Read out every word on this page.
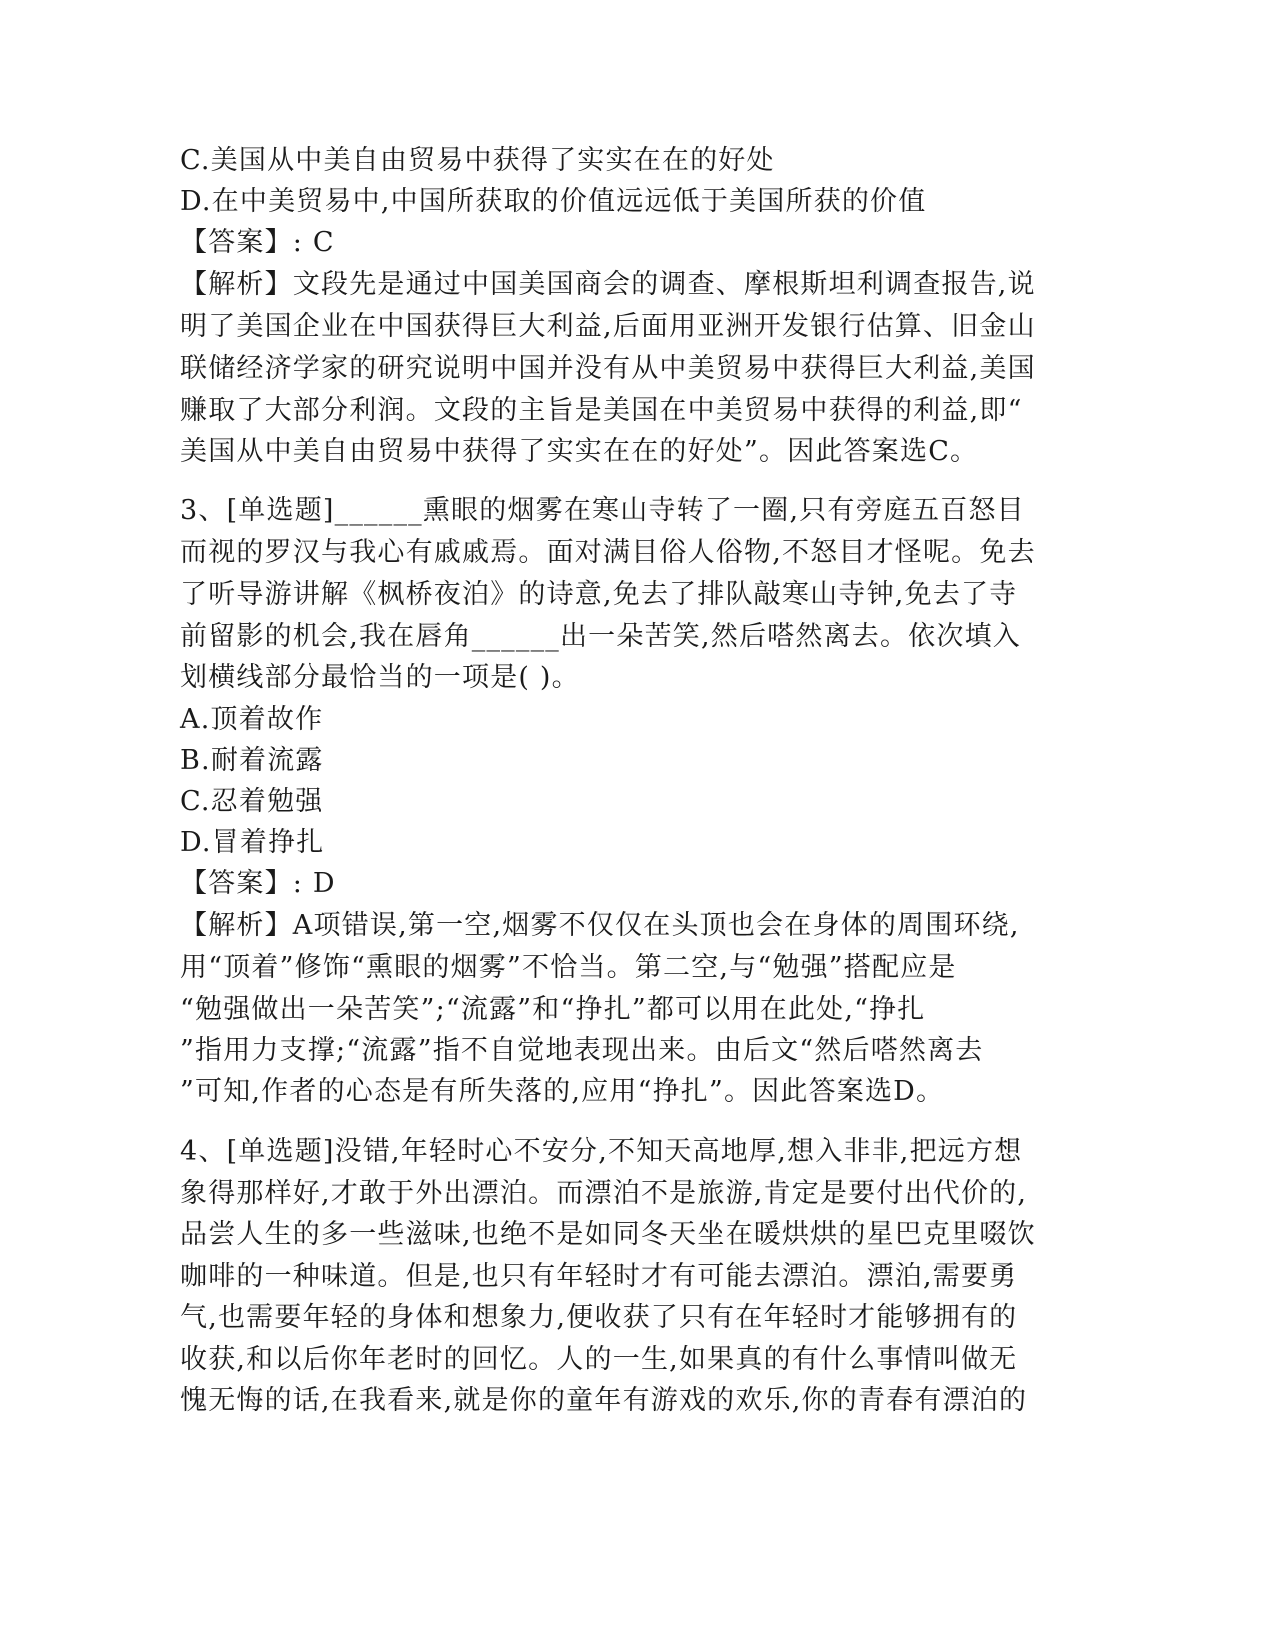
C.美国从中美自由贸易中获得了实实在在的好处
D.在中美贸易中,中国所获取的价值远远低于美国所获的价值
【答案】: C
【解析】文段先是通过中国美国商会的调查、摩根斯坦利调查报告,说
明了美国企业在中国获得巨大利益,后面用亚洲开发银行估算、旧金山
联储经济学家的研究说明中国并没有从中美贸易中获得巨大利益,美国
赚取了大部分利润。文段的主旨是美国在中美贸易中获得的利益,即“
美国从中美自由贸易中获得了实实在在的好处”。因此答案选C。
3、[单选题]______熏眼的烟雾在寒山寺转了一圈,只有旁庭五百怒目
而视的罗汉与我心有戚戚焉。面对满目俗人俗物,不怒目才怪呢。免去
了听导游讲解《枫桥夜泊》的诗意,免去了排队敲寒山寺钟,免去了寺
前留影的机会,我在唇角______出一朵苦笑,然后嗒然离去。依次填入
划横线部分最恰当的一项是( )。
A.顶着故作
B.耐着流露
C.忍着勉强
D.冒着挣扎
【答案】: D
【解析】A项错误,第一空,烟雾不仅仅在头顶也会在身体的周围环绕,
用“顶着”修饰“熏眼的烟雾”不恰当。第二空,与“勉强”搭配应是
“勉强做出一朵苦笑”;“流露”和“挣扎”都可以用在此处,“挣扎
”指用力支撑;“流露”指不自觉地表现出来。由后文“然后嗒然离去
”可知,作者的心态是有所失落的,应用“挣扎”。因此答案选D。
4、[单选题]没错,年轻时心不安分,不知天高地厚,想入非非,把远方想
象得那样好,才敢于外出漂泊。而漂泊不是旅游,肯定是要付出代价的,
品尝人生的多一些滋味,也绝不是如同冬天坐在暖烘烘的星巴克里啜饮
咖啡的一种味道。但是,也只有年轻时才有可能去漂泊。漂泊,需要勇
气,也需要年轻的身体和想象力,便收获了只有在年轻时才能够拥有的
收获,和以后你年老时的回忆。人的一生,如果真的有什么事情叫做无
愧无悔的话,在我看来,就是你的童年有游戏的欢乐,你的青春有漂泊的
